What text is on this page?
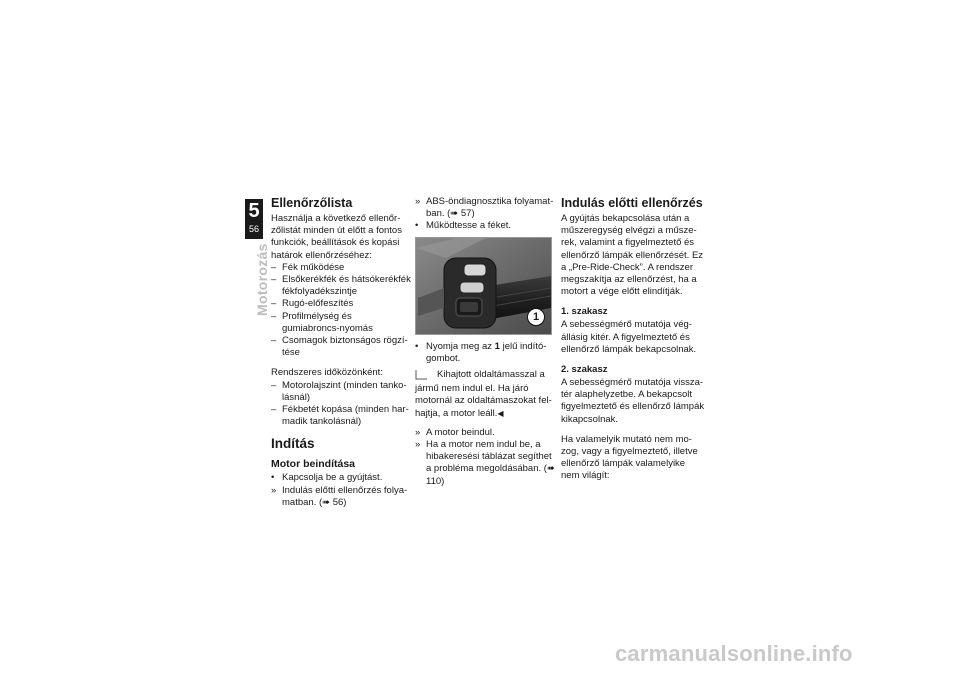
5
56
Motorozás
Ellenőrzőlista

Használja a következő ellenőr-zőlistát minden út előtt a fontos funkciók, beállítások és kopási határok ellenőrzéséhez:

– Fék működése
– Elsőkerékfék és hátsókerékfék fékfolyadékszintje
– Rugó-előfeszítés
– Profilmélység és gumiabroncs-nyomás
– Csomagok biztonságos rögzí-tése

Rendszeres időközönként:

– Motorolajszint (minden tanko-lásnál)
– Fékbetét kopása (minden har-madik tankolásnál)
Indítás
Motor beindítása
• Kapcsolja be a gyújtást.
» Indulás előtti ellenőrzés folya-matban. (➠ 56)
» ABS-öndiagnosztika folyamat-ban. (➠ 57)
• Működtesse a féket.
1
• Nyomja meg az 1 jelű indító-gombot.
Kihajtott oldaltámasszal a

jármű nem indul el. Ha járó motornál az oldaltámaszokat fel-hajtja, a motor leáll.◀

» A motor beindul.
» Ha a motor nem indul be, a hibakeresési táblázat segíthet a probléma megoldásában. (➠ 110)
Indulás előtti ellenőrzés

A gyújtás bekapcsolása után a műszeregység elvégzi a műsze-rek, valamint a figyelmeztető és ellenőrző lámpák ellenőrzését. Ez a „Pre-Ride-Check”. A rendszer megszakítja az ellenőrzést, ha a motort a vége előtt elindítják.

1. szakasz

A sebességmérő mutatója vég-állásig kitér. A figyelmeztető és ellenőrző lámpák bekapcsolnak.

2. szakasz

A sebességmérő mutatója vissza-tér alaphelyzetbe. A bekapcsolt figyelmeztető és ellenőrző lámpák kikapcsolnak.

Ha valamelyik mutató nem mo-zog, vagy a figyelmeztető, illetve ellenőrző lámpák valamelyike nem világít:

carmanualsonline.info
